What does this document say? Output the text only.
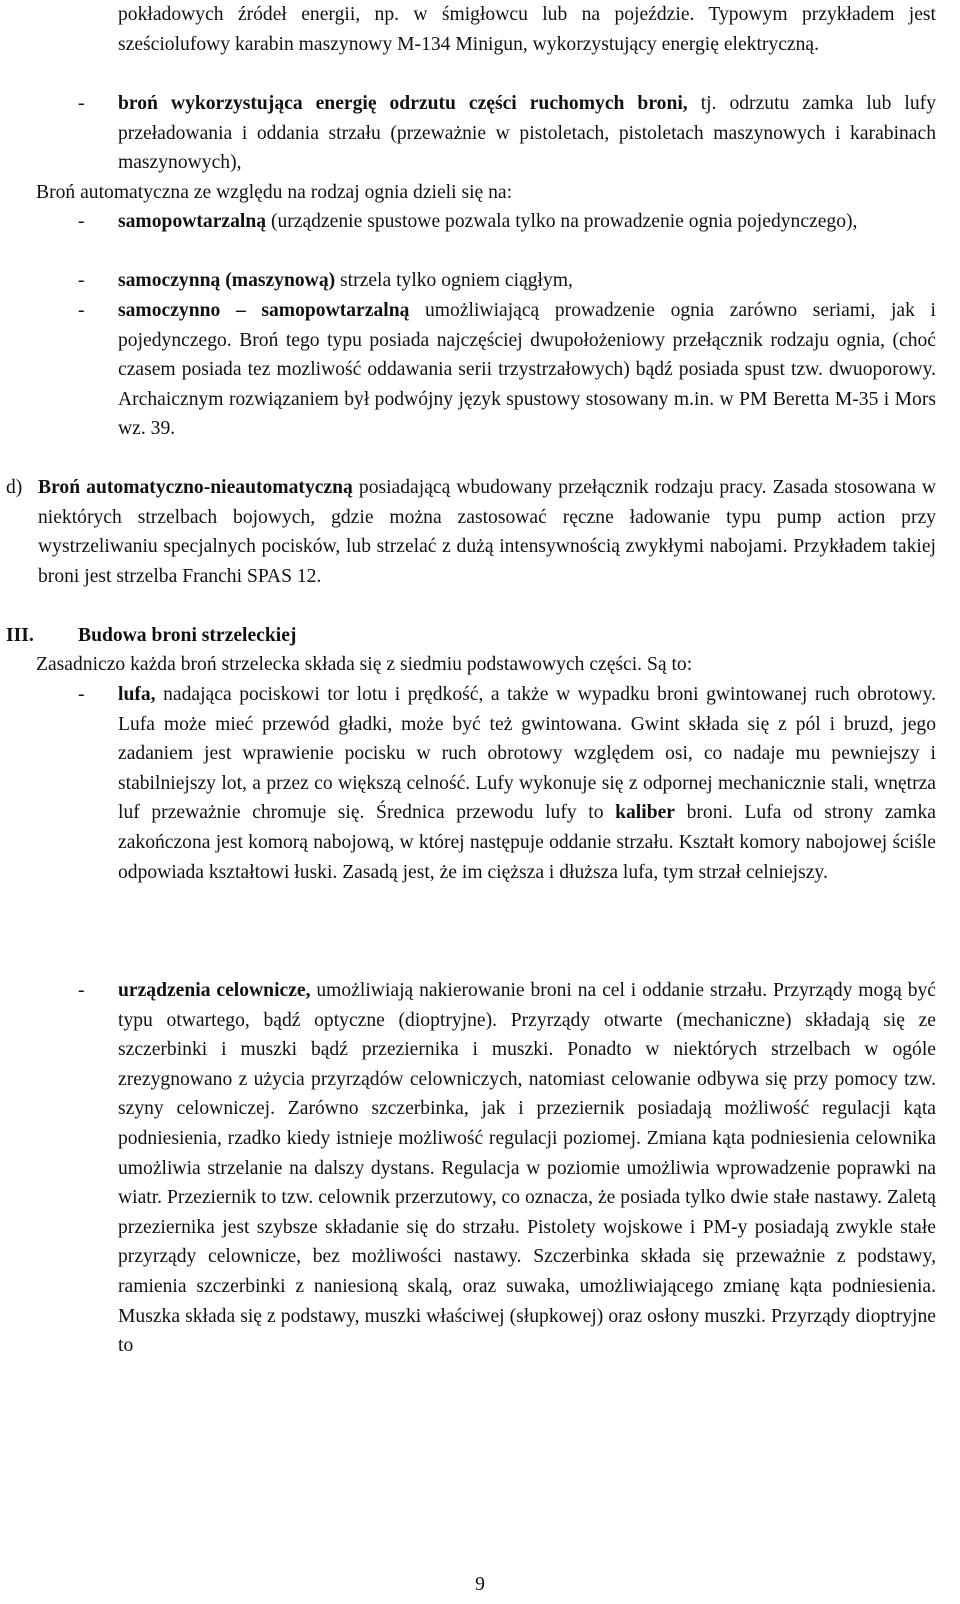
pokładowych źródeł energii, np. w śmigłowcu lub na pojeździe. Typowym przykładem jest sześciolufowy karabin maszynowy M-134 Minigun, wykorzystujący energię elektryczną.
-	broń wykorzystująca energię odrzutu części ruchomych broni, tj. odrzutu zamka lub lufy przeładowania i oddania strzału (przeważnie w pistoletach, pistoletach maszynowych i karabinach maszynowych),
Broń automatyczna ze względu na rodzaj ognia dzieli się na:
-	samopowtarzalną (urządzenie spustowe pozwala tylko na prowadzenie ognia pojedynczego),
-	samoczynną (maszynową) strzela tylko ogniem ciągłym,
-	samoczynno – samopowtarzalną umożliwiającą prowadzenie ognia zarówno seriami, jak i pojedynczego. Broń tego typu posiada najczęściej dwupołożeniowy przełącznik rodzaju ognia, (choć czasem posiada tez mozliwość oddawania serii trzystrzałowych) bądź posiada spust tzw. dwuoporowy. Archaicznym rozwiązaniem był podwójny język spustowy stosowany m.in. w PM Beretta M-35 i Mors wz. 39.
d) Broń automatyczno-nieautomatyczną posiadającą wbudowany przełącznik rodzaju pracy. Zasada stosowana w niektórych strzelbach bojowych, gdzie można zastosować ręczne ładowanie typu pump action przy wystrzeliwaniu specjalnych pocisków, lub strzelać z dużą intensywnością zwykłymi nabojami. Przykładem takiej broni jest strzelba Franchi SPAS 12.
III. Budowa broni strzeleckiej
Zasadniczo każda broń strzelecka składa się z siedmiu podstawowych części. Są to:
-	lufa, nadająca pociskowi tor lotu i prędkość, a także w wypadku broni gwintowanej ruch obrotowy. Lufa może mieć przewód gładki, może być też gwintowana. Gwint składa się z pól i bruzd, jego zadaniem jest wprawienie pocisku w ruch obrotowy względem osi, co nadaje mu pewniejszy i stabilniejszy lot, a przez co większą celność. Lufy wykonuje się z odpornej mechanicznie stali, wnętrza luf przeważnie chromuje się. Średnica przewodu lufy to kaliber broni. Lufa od strony zamka zakończona jest komorą nabojową, w której następuje oddanie strzału. Kształt komory nabojowej ściśle odpowiada kształtowi łuski. Zasadą jest, że im cięższa i dłuższa lufa, tym strzał celniejszy.
-	urządzenia celownicze, umożliwiają nakierowanie broni na cel i oddanie strzału. Przyrządy mogą być typu otwartego, bądź optyczne (dioptryjne). Przyrządy otwarte (mechaniczne) składają się ze szczerbinki i muszki bądź przeziernika i muszki. Ponadto w niektórych strzelbach w ogóle zrezygnowano z użycia przyrządów celowniczych, natomiast celowanie odbywa się przy pomocy tzw. szyny celowniczej. Zarówno szczerbinka, jak i przeziernik posiadają możliwość regulacji kąta podniesienia, rzadko kiedy istnieje możliwość regulacji poziomej. Zmiana kąta podniesienia celownika umożliwia strzelanie na dalszy dystans. Regulacja w poziomie umożliwia wprowadzenie poprawki na wiatr. Przeziernik to tzw. celownik przerzutowy, co oznacza, że posiada tylko dwie stałe nastawy. Zaletą przeziernika jest szybsze składanie się do strzału. Pistolety wojskowe i PM-y posiadają zwykle stałe przyrządy celownicze, bez możliwości nastawy. Szczerbinka składa się przeważnie z podstawy, ramienia szczerbinki z naniesioną skalą, oraz suwaka, umożliwiającego zmianę kąta podniesienia. Muszka składa się z podstawy, muszki właściwej (słupkowej) oraz osłony muszki. Przyrządy dioptryjne to
9
